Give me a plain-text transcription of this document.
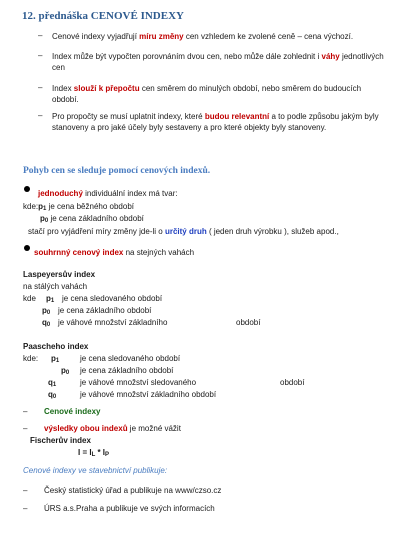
12. přednáška CENOVÉ INDEXY
– Cenové indexy vyjadřují míru změny cen vzhledem ke zvolené ceně – cena výchozí.
– Index může být vypočten porovnáním dvou cen, nebo může dále zohlednit i váhy jednotlivých cen
– Index slouží k přepočtu cen směrem do minulých období, nebo směrem do budoucích období.
– Pro propočty se musí uplatnit indexy, které budou relevantní a to podle způsobu jakým byly stanoveny a pro jaké účely byly sestaveny a pro které objekty byly stanoveny.
Pohyb cen se sleduje pomocí cenových indexů.
jednoduchý individuální index má tvar:
kde:p1 je cena běžného období
p0 je cena základního období
stačí pro vyjádření míry změny jde-li o určitý druh ( jeden druh výrobku ), služeb apod.,
souhrnný cenový index na stejných vahách
Laspeyersův index
na stálých vahách
kde p1 je cena sledovaného období
p0 je cena základního období
q0 je váhové množství základního	období
Paascheho index
kde: p1	je cena sledovaného období
p0 je cena základního období
q1	je váhové množství sledovaného	období
q0	je váhové množství základního období
– Cenové indexy
– výsledky obou indexů je možné vážit
Fischerův index
I = IL * IP
Cenové indexy ve stavebnictví publikuje:
– Český statistický úřad a publikuje na www/czso.cz
– ÚRS a.s.Praha a publikuje ve svých informacích
